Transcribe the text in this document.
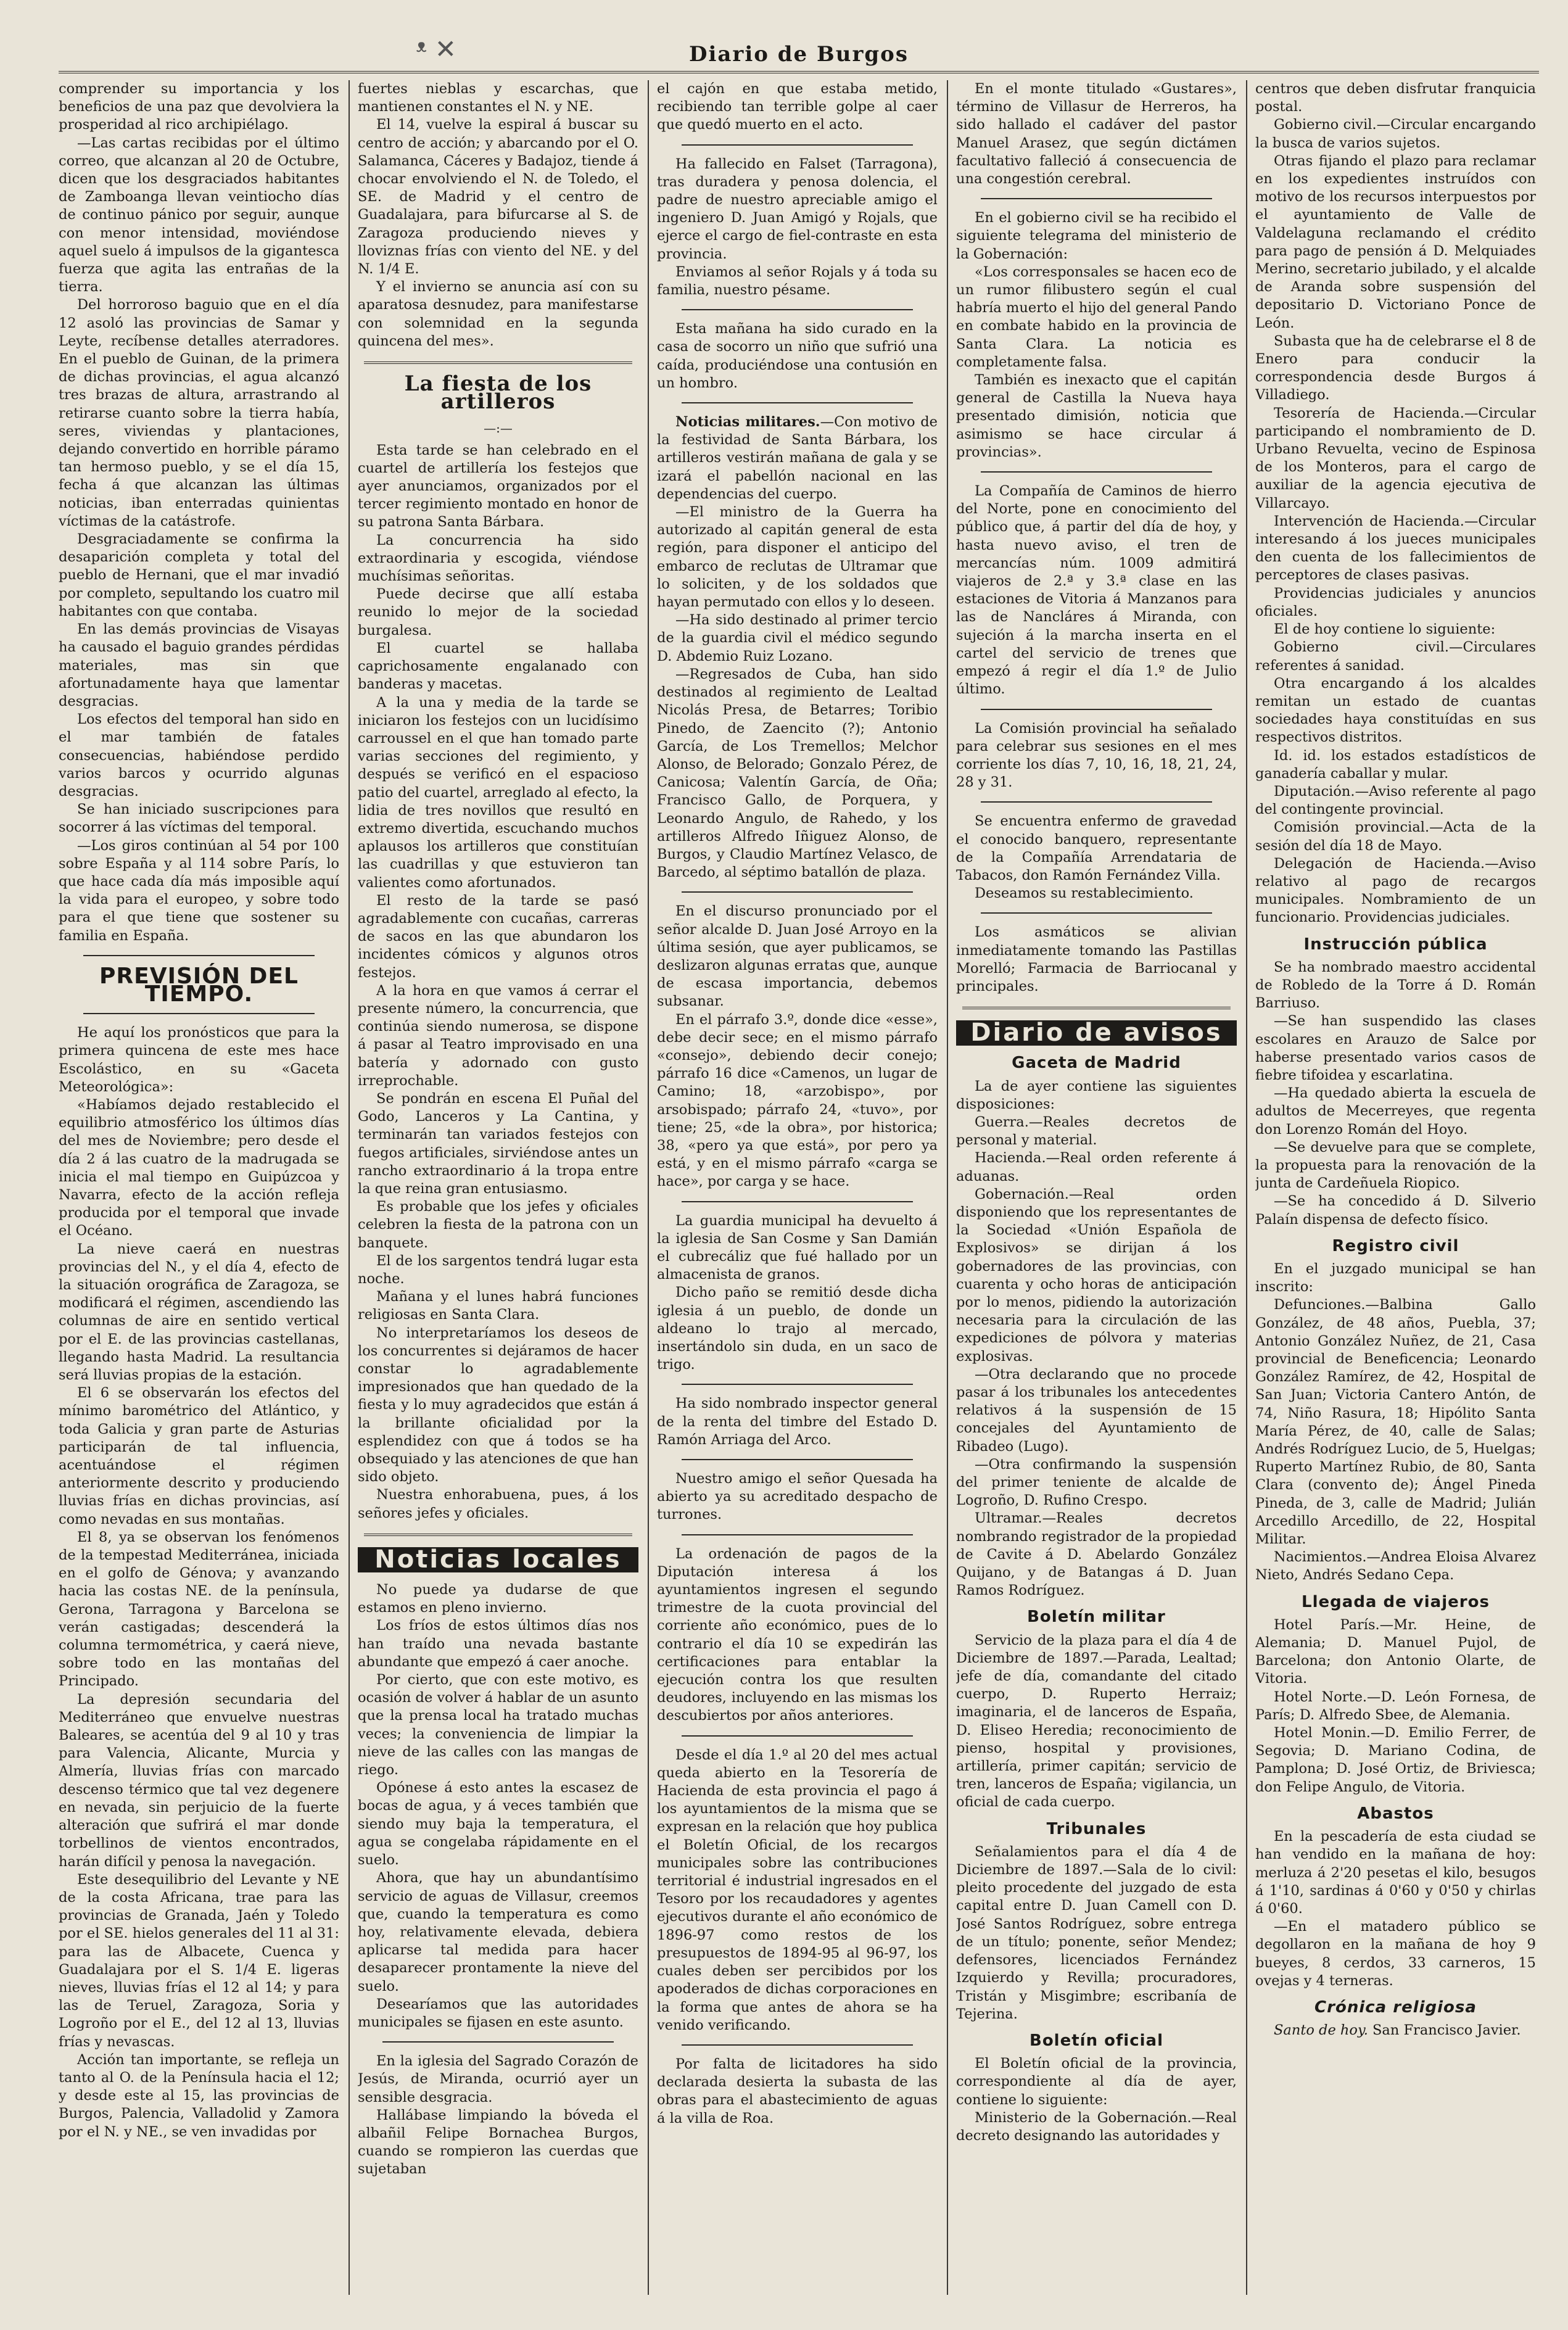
ᵜ ✕	Diario de Burgos

comprender su importancia y los beneficios de una paz que devolviera la prosperidad al rico archipiélago.

—Las cartas recibidas por el último correo, que alcanzan al 20 de Octubre, dicen que los desgraciados habitantes de Zamboanga llevan veintiocho días de continuo pánico por seguir, aunque con menor intensidad, moviéndose aquel suelo á impulsos de la gigantesca fuerza que agita las entrañas de la tierra.

Del horroroso baguio que en el día 12 asoló las provincias de Samar y Leyte, recíbense detalles aterradores. En el pueblo de Guinan, de la primera de dichas provincias, el agua alcanzó tres brazas de altura, arrastrando al retirarse cuanto sobre la tierra había, seres, viviendas y plantaciones, dejando convertido en horrible páramo tan hermoso pueblo, y se el día 15, fecha á que alcanzan las últimas noticias, iban enterradas quinientas víctimas de la catástrofe.

Desgraciadamente se confirma la desaparición completa y total del pueblo de Hernani, que el mar invadió por completo, sepultando los cuatro mil habitantes con que contaba.

En las demás provincias de Visayas ha causado el baguio grandes pérdidas materiales, mas sin que afortunadamente haya que lamentar desgracias.

Los efectos del temporal han sido en el mar también de fatales consecuencias, habiéndose perdido varios barcos y ocurrido algunas desgracias.

Se han iniciado suscripciones para socorrer á las víctimas del temporal.

—Los giros continúan al 54 por 100 sobre España y al 114 sobre París, lo que hace cada día más imposible aquí la vida para el europeo, y sobre todo para el que tiene que sostener su familia en España.

PREVISIÓN DEL TIEMPO.

He aquí los pronósticos que para la primera quincena de este mes hace Escolástico, en su «Gaceta Meteorológica»:

«Habíamos dejado restablecido el equilibrio atmosférico los últimos días del mes de Noviembre; pero desde el día 2 á las cuatro de la madrugada se inicia el mal tiempo en Guipúzcoa y Navarra, efecto de la acción refleja producida por el temporal que invade el Océano.

La nieve caerá en nuestras provincias del N., y el día 4, efecto de la situación orográfica de Zaragoza, se modificará el régimen, ascendiendo las columnas de aire en sentido vertical por el E. de las provincias castellanas, llegando hasta Madrid. La resultancia será lluvias propias de la estación.

El 6 se observarán los efectos del mínimo barométrico del Atlántico, y toda Galicia y gran parte de Asturias participarán de tal influencia, acentuándose el régimen anteriormente descrito y produciendo lluvias frías en dichas provincias, así como nevadas en sus montañas.

El 8, ya se observan los fenómenos de la tempestad Mediterránea, iniciada en el golfo de Génova; y avanzando hacia las costas NE. de la península, Gerona, Tarragona y Barcelona se verán castigadas; descenderá la columna termométrica, y caerá nieve, sobre todo en las montañas del Principado.

La depresión secundaria del Mediterráneo que envuelve nuestras Baleares, se acentúa del 9 al 10 y tras para Valencia, Alicante, Murcia y Almería, lluvias frías con marcado descenso térmico que tal vez degenere en nevada, sin perjuicio de la fuerte alteración que sufrirá el mar donde torbellinos de vientos encontrados, harán difícil y penosa la navegación.

Este desequilibrio del Levante y NE de la costa Africana, trae para las provincias de Granada, Jaén y Toledo por el SE. hielos generales del 11 al 31: para las de Albacete, Cuenca y Guadalajara por el S. 1/4 E. ligeras nieves, lluvias frías el 12 al 14; y para las de Teruel, Zaragoza, Soria y Logroño por el E., del 12 al 13, lluvias frías y nevascas.

Acción tan importante, se refleja un tanto al O. de la Península hacia el 12; y desde este al 15, las provincias de Burgos, Palencia, Valladolid y Zamora por el N. y NE., se ven invadidas por

fuertes nieblas y escarchas, que mantienen constantes el N. y NE.

El 14, vuelve la espiral á buscar su centro de acción; y abarcando por el O. Salamanca, Cáceres y Badajoz, tiende á chocar envolviendo el N. de Toledo, el SE. de Madrid y el centro de Guadalajara, para bifurcarse al S. de Zaragoza produciendo nieves y lloviznas frías con viento del NE. y del N. 1/4 E.

Y el invierno se anuncia así con su aparatosa desnudez, para manifestarse con solemnidad en la segunda quincena del mes».

La fiesta de los artilleros
—:—

Esta tarde se han celebrado en el cuartel de artillería los festejos que ayer anunciamos, organizados por el tercer regimiento montado en honor de su patrona Santa Bárbara.

La concurrencia ha sido extraordinaria y escogida, viéndose muchísimas señoritas.

Puede decirse que allí estaba reunido lo mejor de la sociedad burgalesa.

El cuartel se hallaba caprichosamente engalanado con banderas y macetas.

A la una y media de la tarde se iniciaron los festejos con un lucidísimo carroussel en el que han tomado parte varias secciones del regimiento, y después se verificó en el espacioso patio del cuartel, arreglado al efecto, la lidia de tres novillos que resultó en extremo divertida, escuchando muchos aplausos los artilleros que constituían las cuadrillas y que estuvieron tan valientes como afortunados.

El resto de la tarde se pasó agradablemente con cucañas, carreras de sacos en las que abundaron los incidentes cómicos y algunos otros festejos.

A la hora en que vamos á cerrar el presente número, la concurrencia, que continúa siendo numerosa, se dispone á pasar al Teatro improvisado en una batería y adornado con gusto irreprochable.

Se pondrán en escena El Puñal del Godo, Lanceros y La Cantina, y terminarán tan variados festejos con fuegos artificiales, sirviéndose antes un rancho extraordinario á la tropa entre la que reina gran entusiasmo.

Es probable que los jefes y oficiales celebren la fiesta de la patrona con un banquete.

El de los sargentos tendrá lugar esta noche.

Mañana y el lunes habrá funciones religiosas en Santa Clara.

No interpretaríamos los deseos de los concurrentes si dejáramos de hacer constar lo agradablemente impresionados que han quedado de la fiesta y lo muy agradecidos que están á la brillante oficialidad por la esplendidez con que á todos se ha obsequiado y las atenciones de que han sido objeto.

Nuestra enhorabuena, pues, á los señores jefes y oficiales.

Noticias locales

No puede ya dudarse de que estamos en pleno invierno.

Los fríos de estos últimos días nos han traído una nevada bastante abundante que empezó á caer anoche.

Por cierto, que con este motivo, es ocasión de volver á hablar de un asunto que la prensa local ha tratado muchas veces; la conveniencia de limpiar la nieve de las calles con las mangas de riego.

Opónese á esto antes la escasez de bocas de agua, y á veces también que siendo muy baja la temperatura, el agua se congelaba rápidamente en el suelo.

Ahora, que hay un abundantísimo servicio de aguas de Villasur, creemos que, cuando la temperatura es como hoy, relativamente elevada, debiera aplicarse tal medida para hacer desaparecer prontamente la nieve del suelo.

Desearíamos que las autoridades municipales se fijasen en este asunto.

En la iglesia del Sagrado Corazón de Jesús, de Miranda, ocurrió ayer un sensible desgracia.

Hallábase limpiando la bóveda el albañil Felipe Bornachea Burgos, cuando se rompieron las cuerdas que sujetaban

el cajón en que estaba metido, recibiendo tan terrible golpe al caer que quedó muerto en el acto.

Ha fallecido en Falset (Tarragona), tras duradera y penosa dolencia, el padre de nuestro apreciable amigo el ingeniero D. Juan Amigó y Rojals, que ejerce el cargo de fiel-contraste en esta provincia.

Enviamos al señor Rojals y á toda su familia, nuestro pésame.

Esta mañana ha sido curado en la casa de socorro un niño que sufrió una caída, produciéndose una contusión en un hombro.

Noticias militares.—Con motivo de la festividad de Santa Bárbara, los artilleros vestirán mañana de gala y se izará el pabellón nacional en las dependencias del cuerpo.

—El ministro de la Guerra ha autorizado al capitán general de esta región, para disponer el anticipo del embarco de reclutas de Ultramar que lo soliciten, y de los soldados que hayan permutado con ellos y lo deseen.

—Ha sido destinado al primer tercio de la guardia civil el médico segundo D. Abdemio Ruiz Lozano.

—Regresados de Cuba, han sido destinados al regimiento de Lealtad Nicolás Presa, de Betarres; Toribio Pinedo, de Zaencito (?); Antonio García, de Los Tremellos; Melchor Alonso, de Belorado; Gonzalo Pérez, de Canicosa; Valentín García, de Oña; Francisco Gallo, de Porquera, y Leonardo Angulo, de Rahedo, y los artilleros Alfredo Iñiguez Alonso, de Burgos, y Claudio Martínez Velasco, de Barcedo, al séptimo batallón de plaza.

En el discurso pronunciado por el señor alcalde D. Juan José Arroyo en la última sesión, que ayer publicamos, se deslizaron algunas erratas que, aunque de escasa importancia, debemos subsanar.

En el párrafo 3.º, donde dice «esse», debe decir sece; en el mismo párrafo «consejo», debiendo decir conejo; párrafo 16 dice «Camenos, un lugar de Camino; 18, «arzobispo», por arsobispado; párrafo 24, «tuvo», por tiene; 25, «de la obra», por historica; 38, «pero ya que está», por pero ya está, y en el mismo párrafo «carga se hace», por carga y se hace.

La guardia municipal ha devuelto á la iglesia de San Cosme y San Damián el cubrecáliz que fué hallado por un almacenista de granos.

Dicho paño se remitió desde dicha iglesia á un pueblo, de donde un aldeano lo trajo al mercado, insertándolo sin duda, en un saco de trigo.

Ha sido nombrado inspector general de la renta del timbre del Estado D. Ramón Arriaga del Arco.

Nuestro amigo el señor Quesada ha abierto ya su acreditado despacho de turrones.

La ordenación de pagos de la Diputación interesa á los ayuntamientos ingresen el segundo trimestre de la cuota provincial del corriente año económico, pues de lo contrario el día 10 se expedirán las certificaciones para entablar la ejecución contra los que resulten deudores, incluyendo en las mismas los descubiertos por años anteriores.

Desde el día 1.º al 20 del mes actual queda abierto en la Tesorería de Hacienda de esta provincia el pago á los ayuntamientos de la misma que se expresan en la relación que hoy publica el Boletín Oficial, de los recargos municipales sobre las contribuciones territorial é industrial ingresados en el Tesoro por los recaudadores y agentes ejecutivos durante el año económico de 1896-97 como restos de los presupuestos de 1894-95 al 96-97, los cuales deben ser percibidos por los apoderados de dichas corporaciones en la forma que antes de ahora se ha venido verificando.

Por falta de licitadores ha sido declarada desierta la subasta de las obras para el abastecimiento de aguas á la villa de Roa.

En el monte titulado «Gustares», término de Villasur de Herreros, ha sido hallado el cadáver del pastor Manuel Arasez, que según dictámen facultativo falleció á consecuencia de una congestión cerebral.

En el gobierno civil se ha recibido el siguiente telegrama del ministerio de la Gobernación:

«Los corresponsales se hacen eco de un rumor filibustero según el cual habría muerto el hijo del general Pando en combate habido en la provincia de Santa Clara. La noticia es completamente falsa.

También es inexacto que el capitán general de Castilla la Nueva haya presentado dimisión, noticia que asimismo se hace circular á provincias».

La Compañía de Caminos de hierro del Norte, pone en conocimiento del público que, á partir del día de hoy, y hasta nuevo aviso, el tren de mercancías núm. 1009 admitirá viajeros de 2.ª y 3.ª clase en las estaciones de Vitoria á Manzanos para las de Nancláres á Miranda, con sujeción á la marcha inserta en el cartel del servicio de trenes que empezó á regir el día 1.º de Julio último.

La Comisión provincial ha señalado para celebrar sus sesiones en el mes corriente los días 7, 10, 16, 18, 21, 24, 28 y 31.

Se encuentra enfermo de gravedad el conocido banquero, representante de la Compañía Arrendataria de Tabacos, don Ramón Fernández Villa.

Deseamos su restablecimiento.

Los asmáticos se alivian inmediatamente tomando las Pastillas Morelló; Farmacia de Barriocanal y principales.

Diario de avisos
Gaceta de Madrid

La de ayer contiene las siguientes disposiciones:

Guerra.—Reales decretos de personal y material.

Hacienda.—Real orden referente á aduanas.

Gobernación.—Real orden disponiendo que los representantes de la Sociedad «Unión Española de Explosivos» se dirijan á los gobernadores de las provincias, con cuarenta y ocho horas de anticipación por lo menos, pidiendo la autorización necesaria para la circulación de las expediciones de pólvora y materias explosivas.

—Otra declarando que no procede pasar á los tribunales los antecedentes relativos á la suspensión de 15 concejales del Ayuntamiento de Ribadeo (Lugo).

—Otra confirmando la suspensión del primer teniente de alcalde de Logroño, D. Rufino Crespo.

Ultramar.—Reales decretos nombrando registrador de la propiedad de Cavite á D. Abelardo González Quijano, y de Batangas á D. Juan Ramos Rodríguez.

Boletín militar

Servicio de la plaza para el día 4 de Diciembre de 1897.—Parada, Lealtad; jefe de día, comandante del citado cuerpo, D. Ruperto Herraiz; imaginaria, el de lanceros de España, D. Eliseo Heredia; reconocimiento de pienso, hospital y provisiones, artillería, primer capitán; servicio de tren, lanceros de España; vigilancia, un oficial de cada cuerpo.

Tribunales

Señalamientos para el día 4 de Diciembre de 1897.—Sala de lo civil: pleito procedente del juzgado de esta capital entre D. Juan Camell con D. José Santos Rodríguez, sobre entrega de un título; ponente, señor Mendez; defensores, licenciados Fernández Izquierdo y Revilla; procuradores, Tristán y Misgimbre; escribanía de Tejerina.

Boletín oficial

El Boletín oficial de la provincia, correspondiente al día de ayer, contiene lo siguiente:

Ministerio de la Gobernación.—Real decreto designando las autoridades y

centros que deben disfrutar franquicia postal.

Gobierno civil.—Circular encargando la busca de varios sujetos.

Otras fijando el plazo para reclamar en los expedientes instruídos con motivo de los recursos interpuestos por el ayuntamiento de Valle de Valdelaguna reclamando el crédito para pago de pensión á D. Melquiades Merino, secretario jubilado, y el alcalde de Aranda sobre suspensión del depositario D. Victoriano Ponce de León.

Subasta que ha de celebrarse el 8 de Enero para conducir la correspondencia desde Burgos á Villadiego.

Tesorería de Hacienda.—Circular participando el nombramiento de D. Urbano Revuelta, vecino de Espinosa de los Monteros, para el cargo de auxiliar de la agencia ejecutiva de Villarcayo.

Intervención de Hacienda.—Circular interesando á los jueces municipales den cuenta de los fallecimientos de perceptores de clases pasivas.

Providencias judiciales y anuncios oficiales.

El de hoy contiene lo siguiente:

Gobierno civil.—Circulares referentes á sanidad.

Otra encargando á los alcaldes remitan un estado de cuantas sociedades haya constituídas en sus respectivos distritos.

Id. id. los estados estadísticos de ganadería caballar y mular.

Diputación.—Aviso referente al pago del contingente provincial.

Comisión provincial.—Acta de la sesión del día 18 de Mayo.

Delegación de Hacienda.—Aviso relativo al pago de recargos municipales. Nombramiento de un funcionario. Providencias judiciales.

Instrucción pública

Se ha nombrado maestro accidental de Robledo de la Torre á D. Román Barriuso.

—Se han suspendido las clases escolares en Arauzo de Salce por haberse presentado varios casos de fiebre tifoidea y escarlatina.

—Ha quedado abierta la escuela de adultos de Mecerreyes, que regenta don Lorenzo Román del Hoyo.

—Se devuelve para que se complete, la propuesta para la renovación de la junta de Cardeñuela Riopico.

—Se ha concedido á D. Silverio Palaín dispensa de defecto físico.

Registro civil

En el juzgado municipal se han inscrito:

Defunciones.—Balbina Gallo González, de 48 años, Puebla, 37; Antonio González Nuñez, de 21, Casa provincial de Beneficencia; Leonardo González Ramírez, de 42, Hospital de San Juan; Victoria Cantero Antón, de 74, Niño Rasura, 18; Hipólito Santa María Pérez, de 40, calle de Salas; Andrés Rodríguez Lucio, de 5, Huelgas; Ruperto Martínez Rubio, de 80, Santa Clara (convento de); Ángel Pineda Pineda, de 3, calle de Madrid; Julián Arcedillo Arcedillo, de 22, Hospital Militar.

Nacimientos.—Andrea Eloisa Alvarez Nieto, Andrés Sedano Cepa.

Llegada de viajeros

Hotel París.—Mr. Heine, de Alemania; D. Manuel Pujol, de Barcelona; don Antonio Olarte, de Vitoria.

Hotel Norte.—D. León Fornesa, de París; D. Alfredo Sbee, de Alemania.

Hotel Monin.—D. Emilio Ferrer, de Segovia; D. Mariano Codina, de Pamplona; D. José Ortiz, de Briviesca; don Felipe Angulo, de Vitoria.

Abastos

En la pescadería de esta ciudad se han vendido en la mañana de hoy: merluza á 2'20 pesetas el kilo, besugos á 1'10, sardinas á 0'60 y 0'50 y chirlas á 0'60.

—En el matadero público se degollaron en la mañana de hoy 9 bueyes, 8 cerdos, 33 carneros, 15 ovejas y 4 terneras.

Crónica religiosa

Santo de hoy. San Francisco Javier.
